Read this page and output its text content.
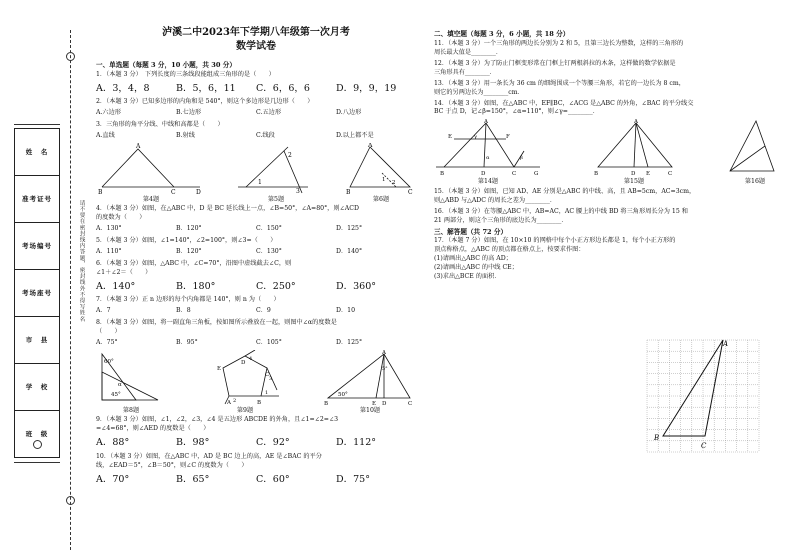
姓　名
准考证号
考场编号
考场座号
市　县
学　校
班　级
请不要在密封线内答题，密封线外不得写姓名

泸溪二中2023年下学期八年级第一次月考

数学试卷

一、单选题（每题 3 分，10 小题，共 30 分）
1．（本题 3 分）　下列长度的三条线段能组成三角形的是（　　）
A．3，4，8	B．5，6，11	C．6，6，6	D．9，9，19
2．（本题 3 分）已知多边形的内角和是 540°，则这个多边形是几边形（　　）
A.六边形	B.七边形	C.五边形	D.八边形
3．三角形的角平分线、中线和高都是（　　）
A.直线	B.射线	C.线段	D.以上都不是
A
B	C	D
第4题
2
1
3
第5题
A
B	C
1 2
第6题
4．（本题 3 分）如图，在△ABC 中，D 是 BC 延长线上一点，∠B=50°，∠A=80°，则∠ACD
的度数为（　　）
A．130°	B．120°	C．150°	D．125°
5．（本题 3 分）如图，∠1=140°，∠2=100°，则∠3=（　　）
A．110°	B．120°	C．130°	D．140°
6．（本题 3 分）如图，△ABC 中，∠C=70°，沿图中虚线截去∠C，则
∠1＋∠2＝（　　）
A．140°	B．180°	C．250°	D．360°
7．（本题 3 分）正 n 边形的每个内角都是 140°，则 n 为（　　）
A．7	B．8	C．9	D．10
8．（本题 3 分）如图，将一副直角三角板，按如图所示叠放在一起，则图中∠α的度数是
（　　）
A．75°	B．95°	C．105°	D．125°
60°
45°
α
第8题
E
D
C
A	B
4
3
1
2
第9题
A
B	E D	C
50°
5°
第10题
9．（本题 3 分）如图，∠1，∠2，∠3，∠4 是五边形 ABCDE 的外角，且∠1=∠2=∠3
=∠4=68°，则∠AED 的度数是（　　）
A．88°	B．98°	C．92°	D．112°
10．（本题 3 分）如图，在△ABC 中，AD 是 BC 边上的高，AE 是∠BAC 的平分
线，∠EAD＝5°，∠B＝50°，则∠C 的度数为（　　）
A．70°	B．65°	C．60°	D．75°
二、填空题（每题 3 分，6 小题，共 18 分）
11．（本题 3 分）一个三角形的两边长分别为 2 和 5，且第三边长为整数，这样的三角形的
周长最大值是________．
12．（本题 3 分）为了防止门框变形常在门框上钉两根斜拉的木条，这样做的数学依据是
三角形具有________．
13．（本题 3 分）用一条长为 36 cm 的细绳围成一个等腰三角形，若它的一边长为 8 cm，
则它的另两边长为________cm．
14．（本题 3 分）如图，在△ABC 中，EF∥BC，∠ACG 是△ABC 的外角，∠BAC 的平分线交
BC 于点 D，记∠β=150°，∠α=110°，则∠γ=________．
A
E	F
γ
α	β
B	D	C	G
第14题
A
B	D E	C
第15题	第16题
15．（本题 3 分）如图，已知 AD、AE 分别是△ABC 的中线、高，且 AB=5cm，AC=3cm，
则△ABD 与△ADC 的周长之差为________．
16．（本题 3 分）在等腰△ABC 中，AB=AC，AC 腰上的中线 BD 将三角形周长分为 15 和
21 两部分，则这个三角形的底边长为________．
三、解答题（共 72 分）
17．（本题 7 分）如图，在 10×10 的网格中每个小正方形边长都是 1，每个小正方形的
顶点称格点，△ABC 的顶点都在格点上，按要求作图：
(1)请画出△ABC 的高 AD；
(2)请画出△ABC 的中线 CE；
(3)求出△BCE 的面积．
B
A
C
